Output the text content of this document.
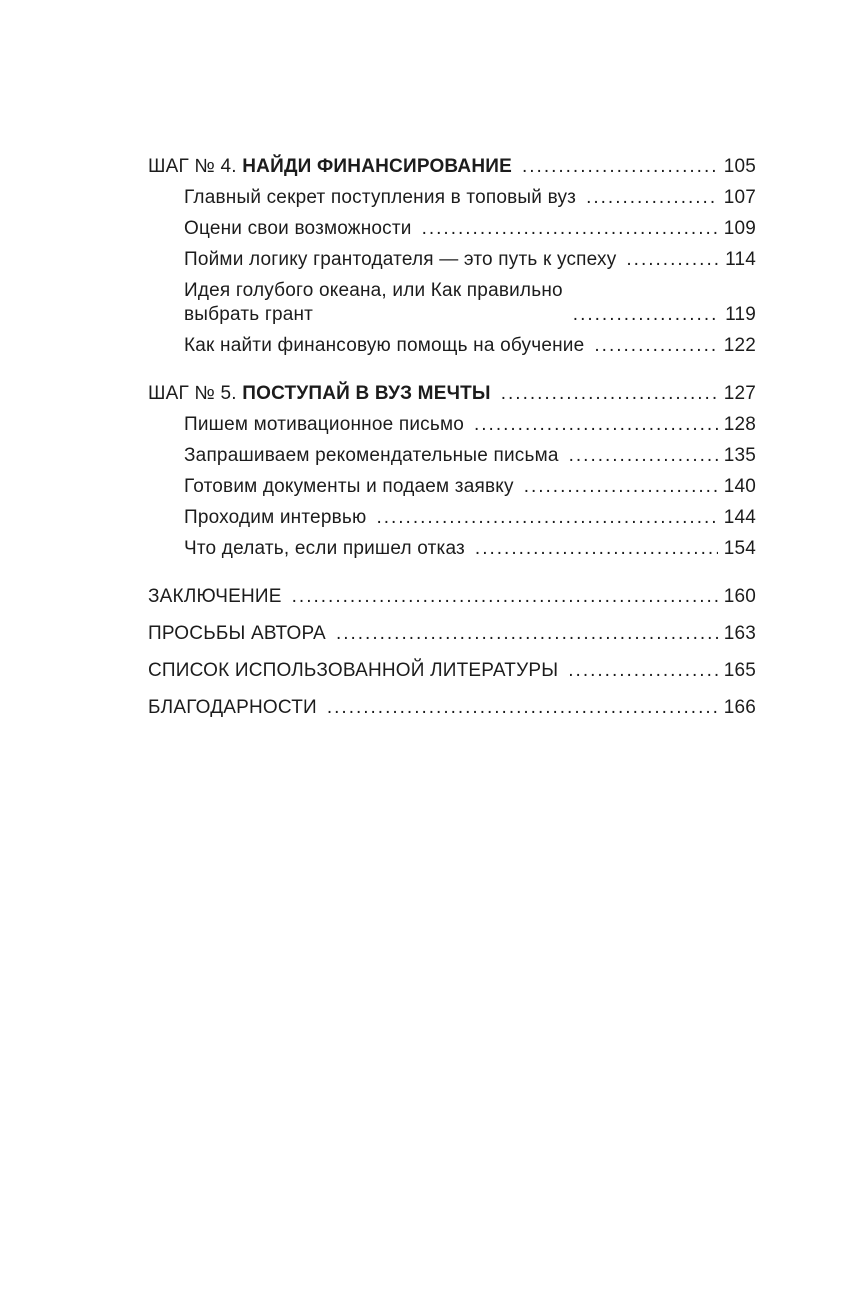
ШАГ № 4. НАЙДИ ФИНАНСИРОВАНИЕ .....	105
Главный секрет поступления в топовый вуз .....	107
Оцени свои возможности .....	109
Пойми логику грантодателя — это путь к успеху .....	114
Идея голубого океана, или Как правильно
выбрать грант .....	119
Как найти финансовую помощь на обучение .....	122
ШАГ № 5. ПОСТУПАЙ В ВУЗ МЕЧТЫ .....	127
Пишем мотивационное письмо .....	128
Запрашиваем рекомендательные письма .....	135
Готовим документы и подаем заявку .....	140
Проходим интервью .....	144
Что делать, если пришел отказ .....	154
ЗАКЛЮЧЕНИЕ .....	160
ПРОСЬБЫ АВТОРА .....	163
СПИСОК ИСПОЛЬЗОВАННОЙ ЛИТЕРАТУРЫ .....	165
БЛАГОДАРНОСТИ .....	166
